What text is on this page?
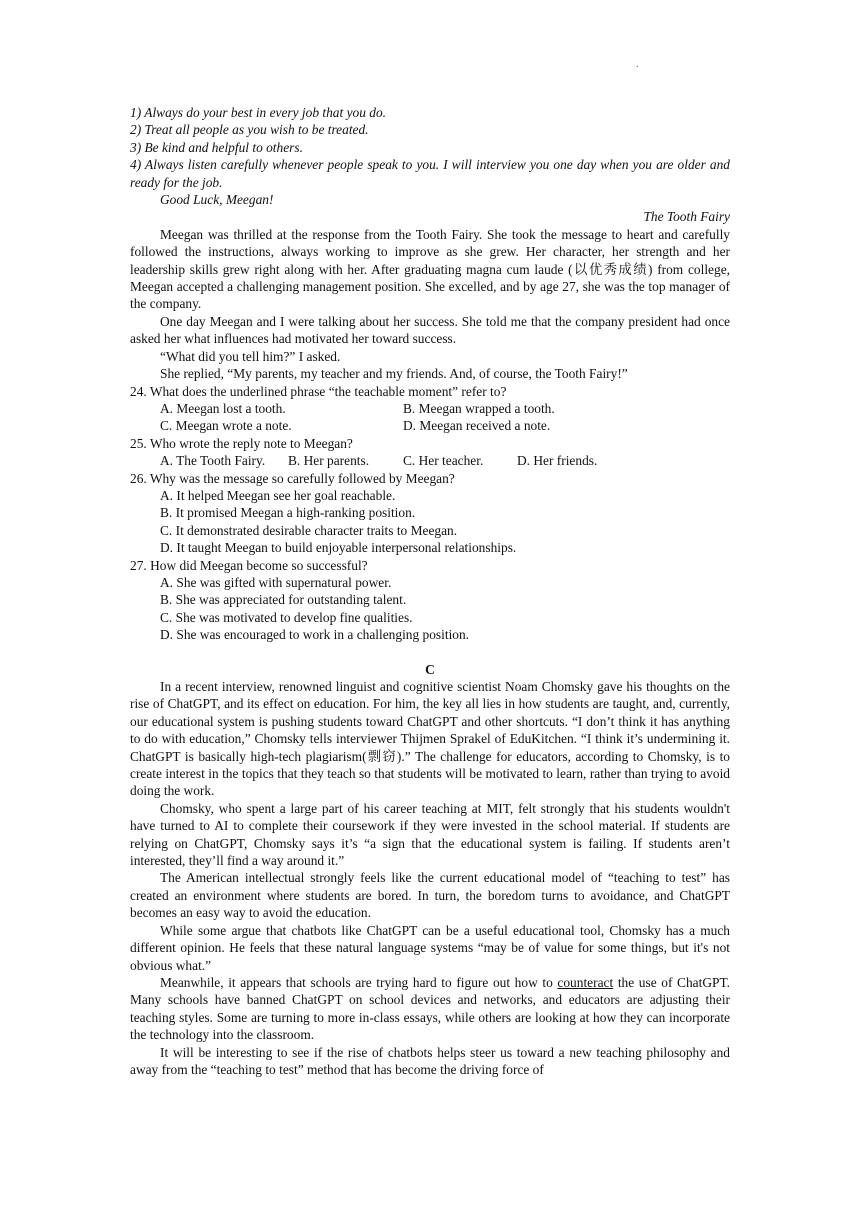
.

1) Always do your best in every job that you do.

2) Treat all people as you wish to be treated.

3) Be kind and helpful to others.

4) Always listen carefully whenever people speak to you. I will interview you one day when you are older and ready for the job.

Good Luck, Meegan!

The Tooth Fairy

Meegan was thrilled at the response from the Tooth Fairy. She took the message to heart and carefully followed the instructions, always working to improve as she grew. Her character, her strength and her leadership skills grew right along with her. After graduating magna cum laude (以优秀成绩) from college, Meegan accepted a challenging management position. She excelled, and by age 27, she was the top manager of the company.

One day Meegan and I were talking about her success. She told me that the company president had once asked her what influences had motivated her toward success.

“What did you tell him?” I asked.

She replied, “My parents, my teacher and my friends. And, of course, the Tooth Fairy!”

24. What does the underlined phrase “the teachable moment” refer to?

A. Meegan lost a tooth.	B. Meegan wrapped a tooth.
C. Meegan wrote a note.	D. Meegan received a note.

25. Who wrote the reply note to Meegan?

A. The Tooth Fairy.	B. Her parents.	C. Her teacher.	D. Her friends.

26. Why was the message so carefully followed by Meegan?

A. It helped Meegan see her goal reachable.

B. It promised Meegan a high-ranking position.

C. It demonstrated desirable character traits to Meegan.

D. It taught Meegan to build enjoyable interpersonal relationships.

27. How did Meegan become so successful?

A. She was gifted with supernatural power.

B. She was appreciated for outstanding talent.

C. She was motivated to develop fine qualities.

D. She was encouraged to work in a challenging position.

C

In a recent interview, renowned linguist and cognitive scientist Noam Chomsky gave his thoughts on the rise of ChatGPT, and its effect on education. For him, the key all lies in how students are taught, and, currently, our educational system is pushing students toward ChatGPT and other shortcuts. “I don’t think it has anything to do with education,” Chomsky tells interviewer Thijmen Sprakel of EduKitchen. “I think it’s undermining it. ChatGPT is basically high-tech plagiarism(剽窃).” The challenge for educators, according to Chomsky, is to create interest in the topics that they teach so that students will be motivated to learn, rather than trying to avoid doing the work.

Chomsky, who spent a large part of his career teaching at MIT, felt strongly that his students wouldn't have turned to AI to complete their coursework if they were invested in the school material. If students are relying on ChatGPT, Chomsky says it’s “a sign that the educational system is failing. If students aren’t interested, they’ll find a way around it.”

The American intellectual strongly feels like the current educational model of “teaching to test” has created an environment where students are bored. In turn, the boredom turns to avoidance, and ChatGPT becomes an easy way to avoid the education.

While some argue that chatbots like ChatGPT can be a useful educational tool, Chomsky has a much different opinion. He feels that these natural language systems “may be of value for some things, but it's not obvious what.”

Meanwhile, it appears that schools are trying hard to figure out how to counteract the use of ChatGPT. Many schools have banned ChatGPT on school devices and networks, and educators are adjusting their teaching styles. Some are turning to more in-class essays, while others are looking at how they can incorporate the technology into the classroom.

It will be interesting to see if the rise of chatbots helps steer us toward a new teaching philosophy and away from the “teaching to test” method that has become the driving force of
